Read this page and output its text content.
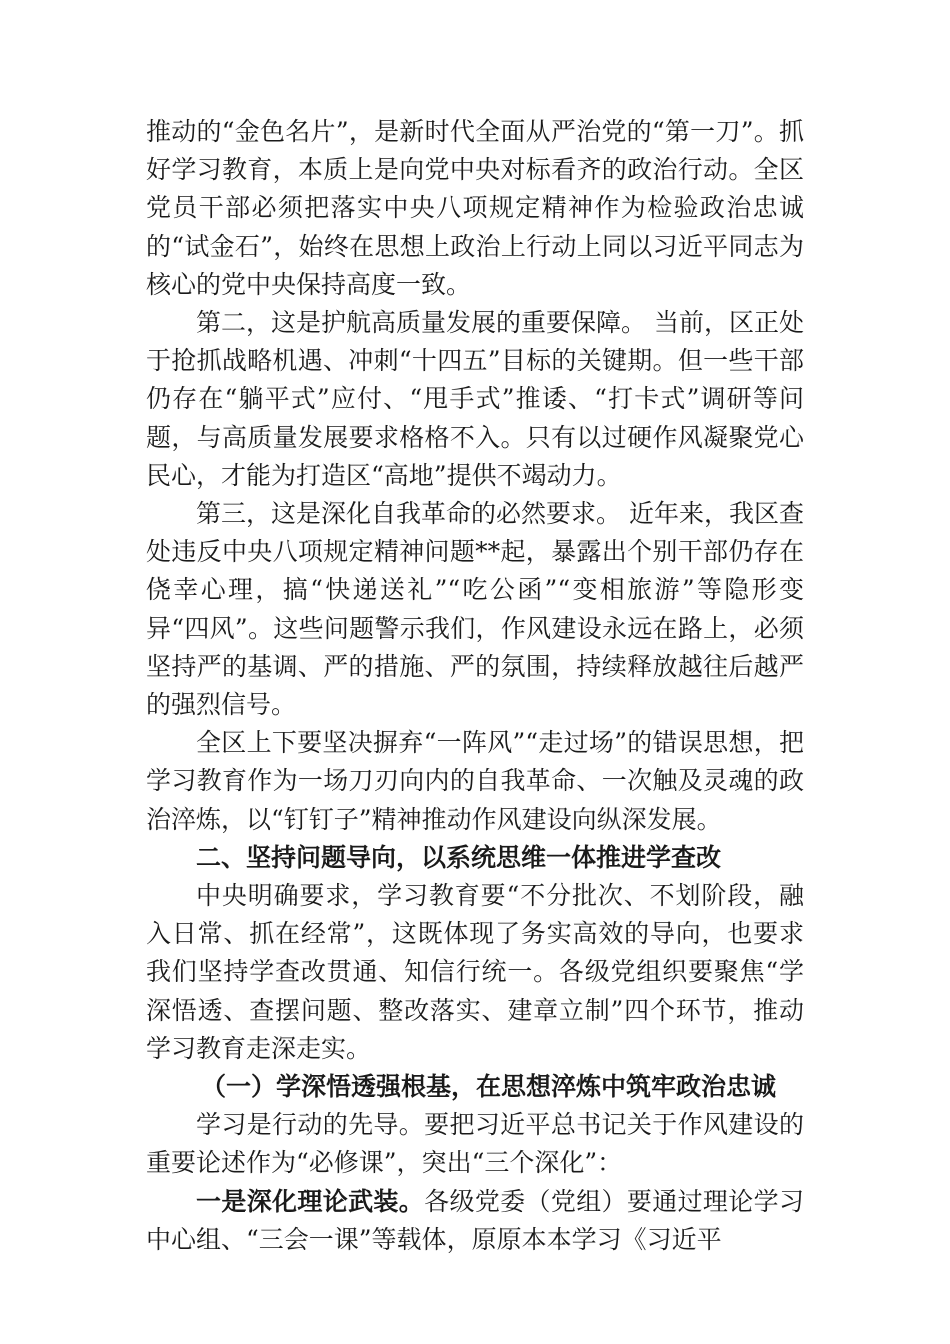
推动的“金色名片”，是新时代全面从严治党的“第一刀”。抓好学习教育，本质上是向党中央对标看齐的政治行动。全区党员干部必须把落实中央八项规定精神作为检验政治忠诚的“试金石”，始终在思想上政治上行动上同以习近平同志为核心的党中央保持高度一致。

第二，这是护航高质量发展的重要保障。 当前，区正处于抢抓战略机遇、冲刺“十四五”目标的关键期。但一些干部仍存在“躺平式”应付、“甩手式”推诿、“打卡式”调研等问题，与高质量发展要求格格不入。只有以过硬作风凝聚党心民心，才能为打造区“高地”提供不竭动力。

第三，这是深化自我革命的必然要求。 近年来，我区查处违反中央八项规定精神问题**起，暴露出个别干部仍存在侥幸心理，搞“快递送礼”“吃公函”“变相旅游”等隐形变异“四风”。这些问题警示我们，作风建设永远在路上，必须坚持严的基调、严的措施、严的氛围，持续释放越往后越严的强烈信号。

全区上下要坚决摒弃“一阵风”“走过场”的错误思想，把学习教育作为一场刀刃向内的自我革命、一次触及灵魂的政治淬炼，以“钉钉子”精神推动作风建设向纵深发展。

二、坚持问题导向，以系统思维一体推进学查改

中央明确要求，学习教育要“不分批次、不划阶段，融入日常、抓在经常”，这既体现了务实高效的导向，也要求我们坚持学查改贯通、知信行统一。各级党组织要聚焦“学深悟透、查摆问题、整改落实、建章立制”四个环节，推动学习教育走深走实。

（一）学深悟透强根基，在思想淬炼中筑牢政治忠诚

学习是行动的先导。要把习近平总书记关于作风建设的重要论述作为“必修课”，突出“三个深化”：

一是深化理论武装。各级党委（党组）要通过理论学习中心组、“三会一课”等载体，原原本本学习《习近平
